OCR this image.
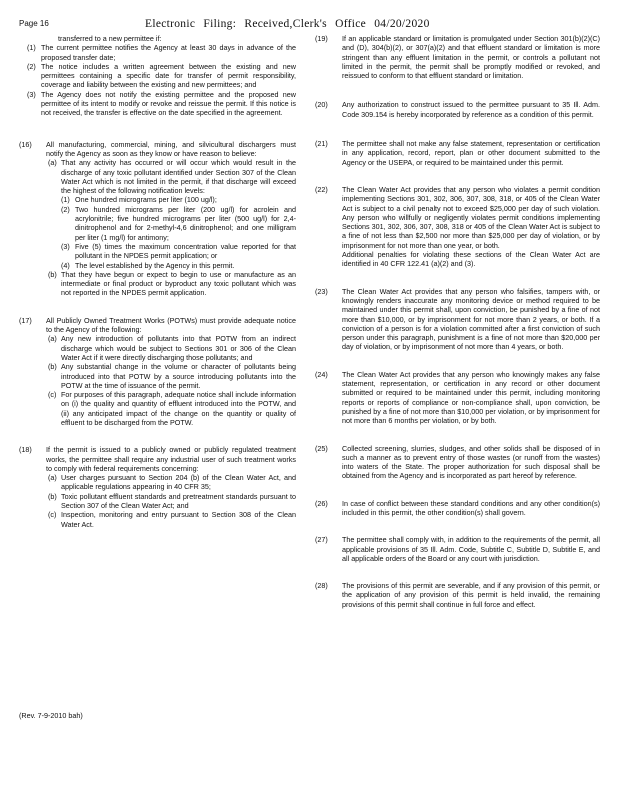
Page 16	Electronic Filing: Received,Clerk's Office 04/20/2020
transferred to a new permittee if:
(1) The current permittee notifies the Agency at least 30 days in advance of the proposed transfer date;
(2) The notice includes a written agreement between the existing and new permittees containing a specific date for transfer of permit responsibility, coverage and liability between the existing and new permittees; and
(3) The Agency does not notify the existing permittee and the proposed new permittee of its intent to modify or revoke and reissue the permit. If this notice is not received, the transfer is effective on the date specified in the agreement.
(16) All manufacturing, commercial, mining, and silvicultural dischargers must notify the Agency as soon as they know or have reason to believe:
(a) That any activity has occurred or will occur which would result in the discharge of any toxic pollutant identified under Section 307 of the Clean Water Act which is not limited in the permit, if that discharge will exceed the highest of the following notification levels:
(1) One hundred micrograms per liter (100 ug/l);
(2) Two hundred micrograms per liter (200 ug/l) for acrolein and acrylonitrile; five hundred micrograms per liter (500 ug/l) for 2,4-dinitrophenol and for 2-methyl-4,6 dinitrophenol; and one milligram per liter (1 mg/l) for antimony;
(3) Five (5) times the maximum concentration value reported for that pollutant in the NPDES permit application; or
(4) The level established by the Agency in this permit.
(b) That they have begun or expect to begin to use or manufacture as an intermediate or final product or byproduct any toxic pollutant which was not reported in the NPDES permit application.
(17) All Publicly Owned Treatment Works (POTWs) must provide adequate notice to the Agency of the following:
(a) Any new introduction of pollutants into that POTW from an indirect discharge which would be subject to Sections 301 or 306 of the Clean Water Act if it were directly discharging those pollutants; and
(b) Any substantial change in the volume or character of pollutants being introduced into that POTW by a source introducing pollutants into the POTW at the time of issuance of the permit.
(c) For purposes of this paragraph, adequate notice shall include information on (i) the quality and quantity of effluent introduced into the POTW, and (ii) any anticipated impact of the change on the quantity or quality of effluent to be discharged from the POTW.
(18) If the permit is issued to a publicly owned or publicly regulated treatment works, the permittee shall require any industrial user of such treatment works to comply with federal requirements concerning:
(a) User charges pursuant to Section 204 (b) of the Clean Water Act, and applicable regulations appearing in 40 CFR 35;
(b) Toxic pollutant effluent standards and pretreatment standards pursuant to Section 307 of the Clean Water Act; and
(c) Inspection, monitoring and entry pursuant to Section 308 of the Clean Water Act.
(Rev. 7-9-2010 bah)
(19) If an applicable standard or limitation is promulgated under Section 301(b)(2)(C) and (D), 304(b)(2), or 307(a)(2) and that effluent standard or limitation is more stringent than any effluent limitation in the permit, or controls a pollutant not limited in the permit, the permit shall be promptly modified or revoked, and reissued to conform to that effluent standard or limitation.
(20) Any authorization to construct issued to the permittee pursuant to 35 Ill. Adm. Code 309.154 is hereby incorporated by reference as a condition of this permit.
(21) The permittee shall not make any false statement, representation or certification in any application, record, report, plan or other document submitted to the Agency or the USEPA, or required to be maintained under this permit.
(22) The Clean Water Act provides that any person who violates a permit condition implementing Sections 301, 302, 306, 307, 308, 318, or 405 of the Clean Water Act is subject to a civil penalty not to exceed $25,000 per day of such violation. Any person who willfully or negligently violates permit conditions implementing Sections 301, 302, 306, 307, 308, 318 or 405 of the Clean Water Act is subject to a fine of not less than $2,500 nor more than $25,000 per day of violation, or by imprisonment for not more than one year, or both.
Additional penalties for violating these sections of the Clean Water Act are identified in 40 CFR 122.41 (a)(2) and (3).
(23) The Clean Water Act provides that any person who falsifies, tampers with, or knowingly renders inaccurate any monitoring device or method required to be maintained under this permit shall, upon conviction, be punished by a fine of not more than $10,000, or by imprisonment for not more than 2 years, or both. If a conviction of a person is for a violation committed after a first conviction of such person under this paragraph, punishment is a fine of not more than $20,000 per day of violation, or by imprisonment of not more than 4 years, or both.
(24) The Clean Water Act provides that any person who knowingly makes any false statement, representation, or certification in any record or other document submitted or required to be maintained under this permit, including monitoring reports or reports of compliance or non-compliance shall, upon conviction, be punished by a fine of not more than $10,000 per violation, or by imprisonment for not more than 6 months per violation, or by both.
(25) Collected screening, slurries, sludges, and other solids shall be disposed of in such a manner as to prevent entry of those wastes (or runoff from the wastes) into waters of the State. The proper authorization for such disposal shall be obtained from the Agency and is incorporated as part hereof by reference.
(26) In case of conflict between these standard conditions and any other condition(s) included in this permit, the other condition(s) shall govern.
(27) The permittee shall comply with, in addition to the requirements of the permit, all applicable provisions of 35 Ill. Adm. Code, Subtitle C, Subtitle D, Subtitle E, and all applicable orders of the Board or any court with jurisdiction.
(28) The provisions of this permit are severable, and if any provision of this permit, or the application of any provision of this permit is held invalid, the remaining provisions of this permit shall continue in full force and effect.
